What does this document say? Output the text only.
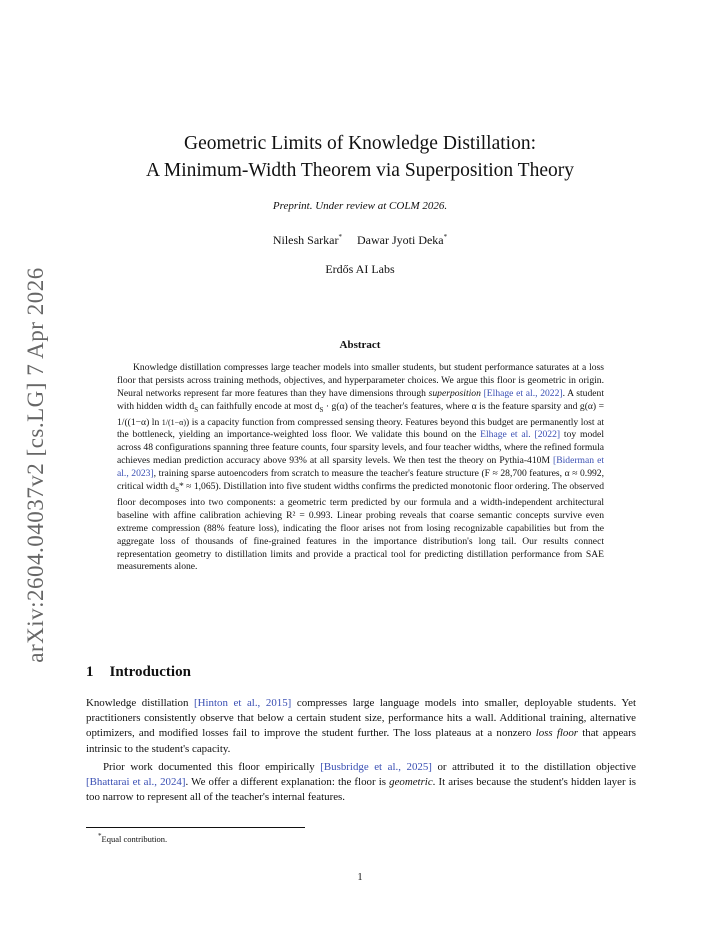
arXiv:2604.04037v2 [cs.LG] 7 Apr 2026
Geometric Limits of Knowledge Distillation:
A Minimum-Width Theorem via Superposition Theory
Preprint. Under review at COLM 2026.
Nilesh Sarkar* Dawar Jyoti Deka*
Erdős AI Labs
Abstract
Knowledge distillation compresses large teacher models into smaller students, but student performance saturates at a loss floor that persists across training methods, objectives, and hyperparameter choices. We argue this floor is geometric in origin. Neural networks represent far more features than they have dimensions through superposition [Elhage et al., 2022]. A student with hidden width $d_S$ can faithfully encode at most $d_S \cdot g(\alpha)$ of the teacher's features, where α is the feature sparsity and g(α) = 1/((1−α) ln 1/(1−α)) is a capacity function from compressed sensing theory. Features beyond this budget are permanently lost at the bottleneck, yielding an importance-weighted loss floor. We validate this bound on the Elhage et al. [2022] toy model across 48 configurations spanning three feature counts, four sparsity levels, and four teacher widths, where the refined formula achieves median prediction accuracy above 93% at all sparsity levels. We then test the theory on Pythia-410M [Biderman et al., 2023], training sparse autoencoders from scratch to measure the teacher's feature structure (F ≈ 28,700 features, α ≈ 0.992, critical width $d_S* \approx 1,065$). Distillation into five student widths confirms the predicted monotonic floor ordering. The observed floor decomposes into two components: a geometric term predicted by our formula and a width-independent architectural baseline with affine calibration achieving R² = 0.993. Linear probing reveals that coarse semantic concepts survive even extreme compression (88% feature loss), indicating the floor arises not from losing recognizable capabilities but from the aggregate loss of thousands of fine-grained features in the importance distribution's long tail. Our results connect representation geometry to distillation limits and provide a practical tool for predicting distillation performance from SAE measurements alone.
1 Introduction
Knowledge distillation [Hinton et al., 2015] compresses large language models into smaller, deployable students. Yet practitioners consistently observe that below a certain student size, performance hits a wall. Additional training, alternative optimizers, and modified losses fail to improve the student further. The loss plateaus at a nonzero loss floor that appears intrinsic to the student's capacity.
Prior work documented this floor empirically [Busbridge et al., 2025] or attributed it to the distillation objective [Bhattarai et al., 2024]. We offer a different explanation: the floor is geometric. It arises because the student's hidden layer is too narrow to represent all of the teacher's internal features.
*Equal contribution.
1
